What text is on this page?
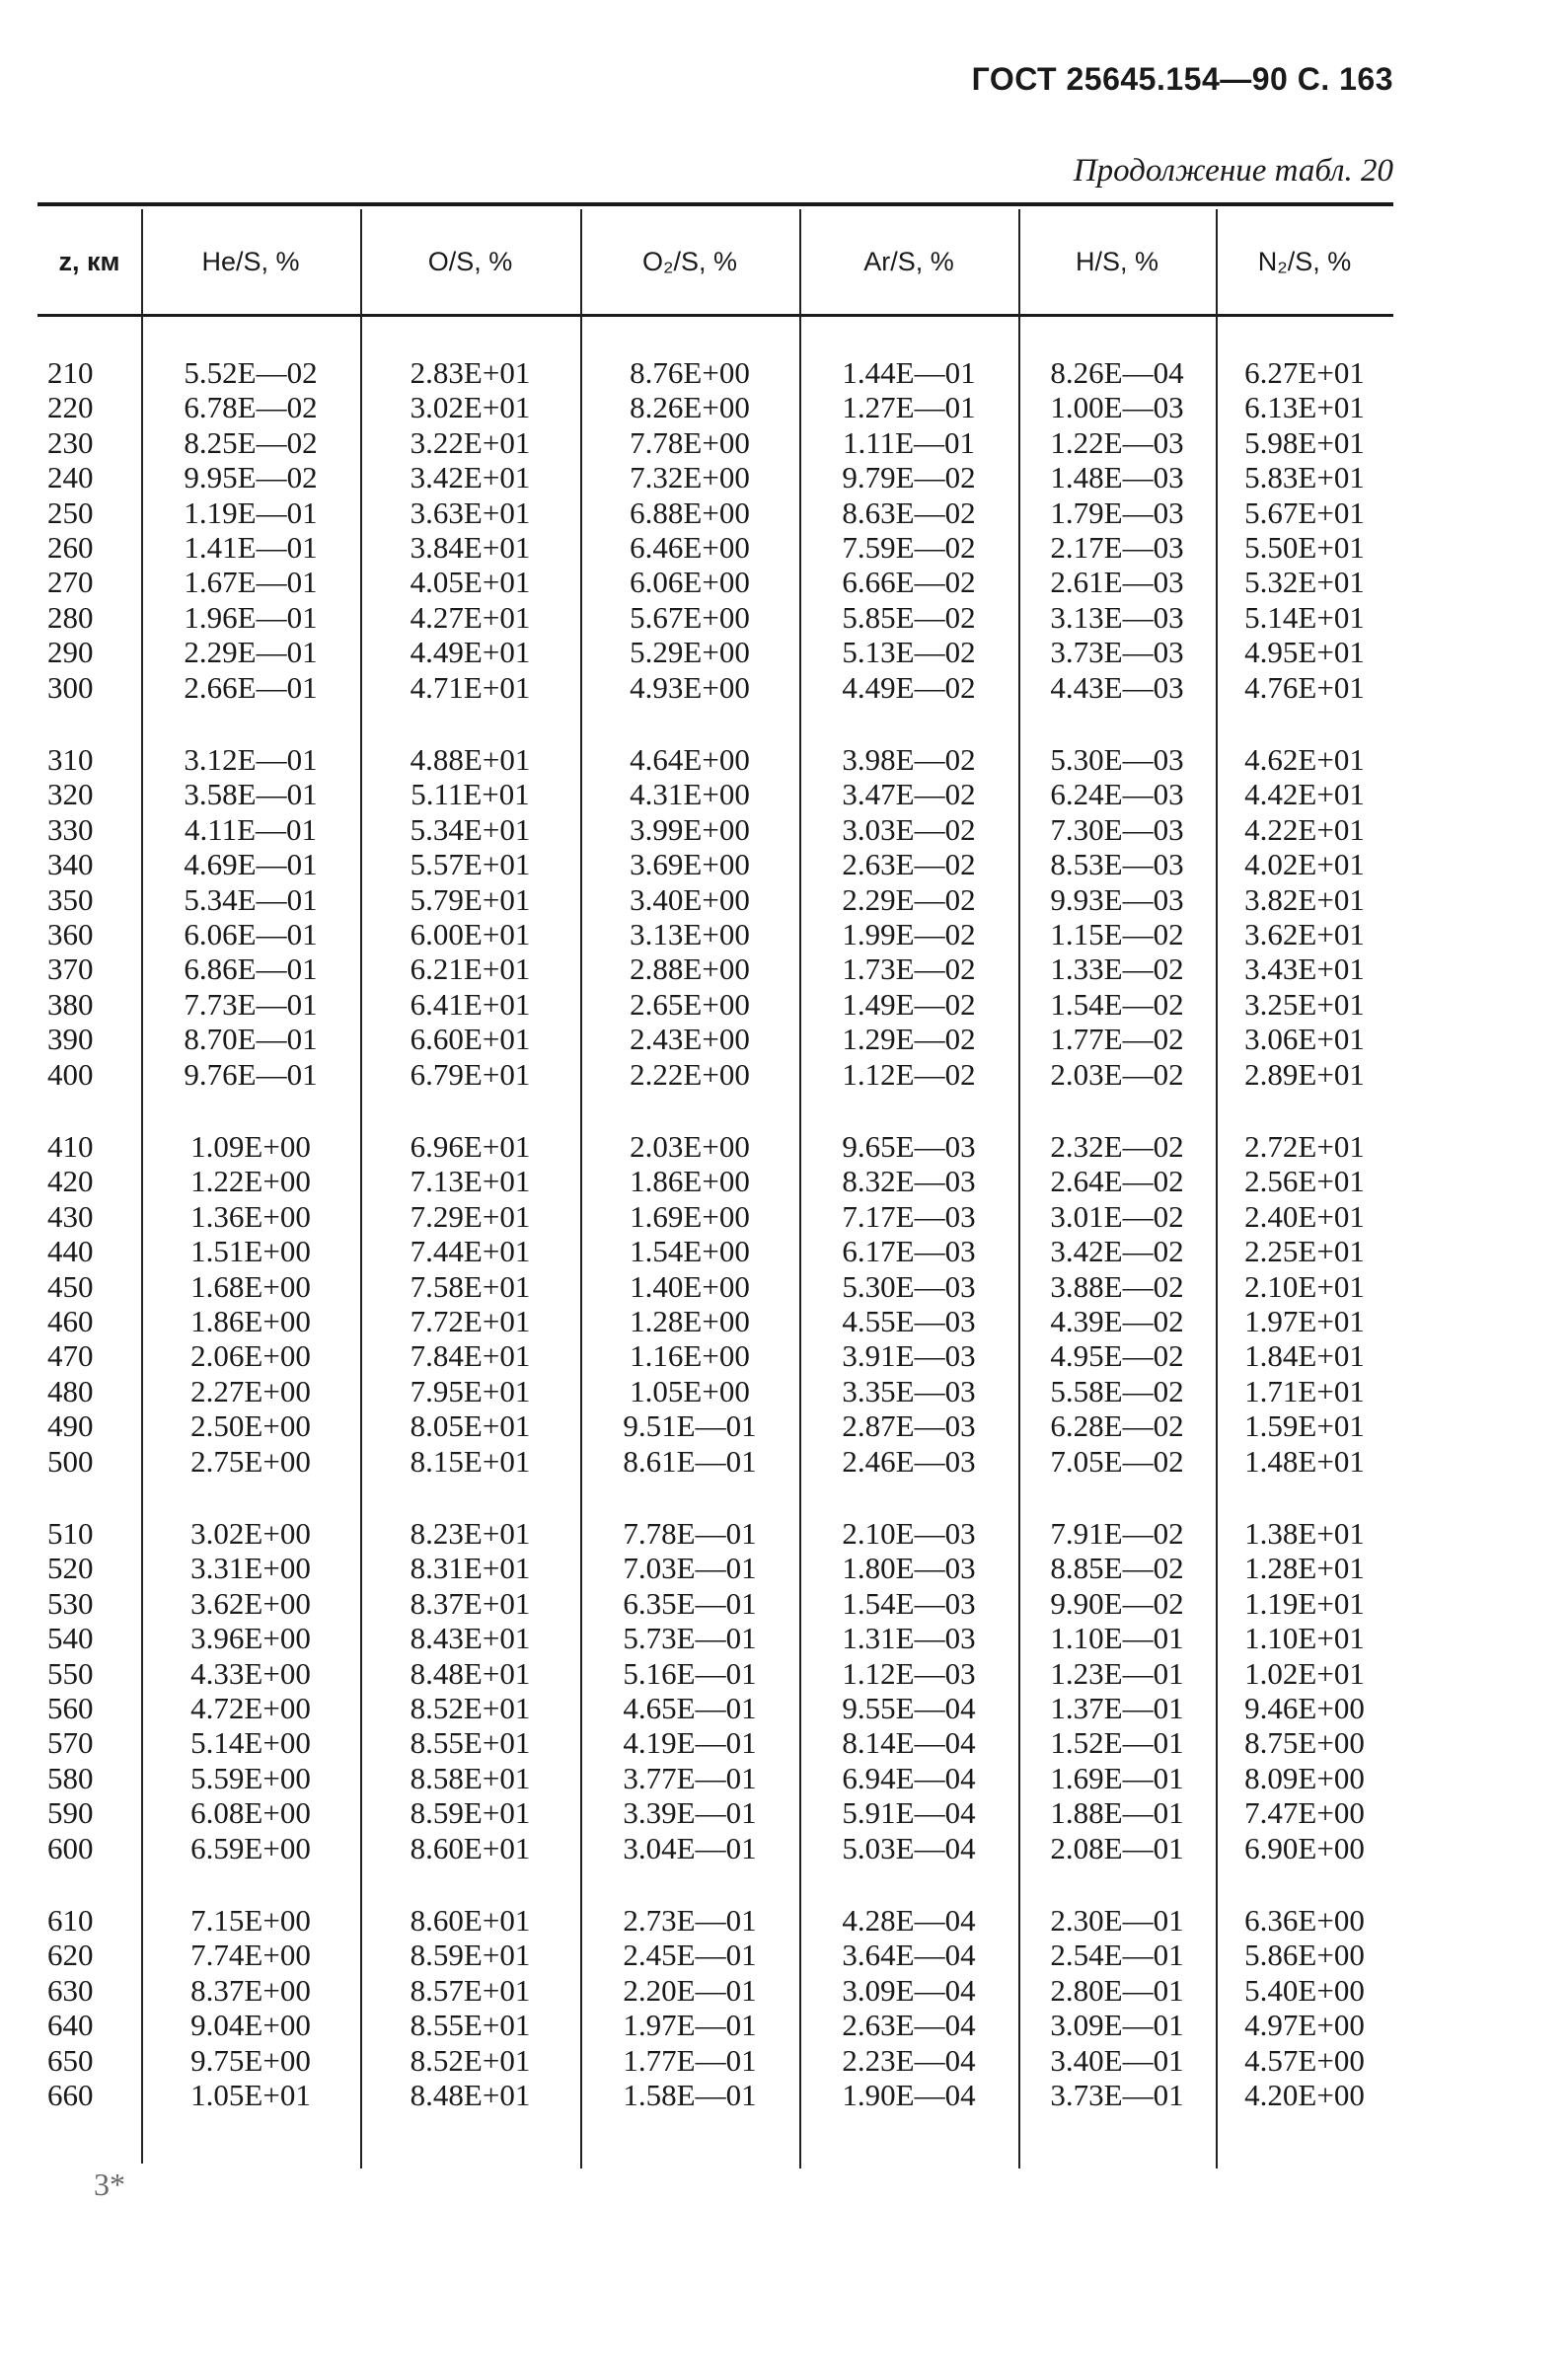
ГОСТ 25645.154—90 С. 163
Продолжение табл. 20
z, км	He/S, %	O/S, %	O₂/S, %	Ar/S, %	H/S, %	N₂/S, %
210	5.52E—02	2.83E+01	8.76E+00	1.44E—01	8.26E—04	6.27E+01
220	6.78E—02	3.02E+01	8.26E+00	1.27E—01	1.00E—03	6.13E+01
230	8.25E—02	3.22E+01	7.78E+00	1.11E—01	1.22E—03	5.98E+01
240	9.95E—02	3.42E+01	7.32E+00	9.79E—02	1.48E—03	5.83E+01
250	1.19E—01	3.63E+01	6.88E+00	8.63E—02	1.79E—03	5.67E+01
260	1.41E—01	3.84E+01	6.46E+00	7.59E—02	2.17E—03	5.50E+01
270	1.67E—01	4.05E+01	6.06E+00	6.66E—02	2.61E—03	5.32E+01
280	1.96E—01	4.27E+01	5.67E+00	5.85E—02	3.13E—03	5.14E+01
290	2.29E—01	4.49E+01	5.29E+00	5.13E—02	3.73E—03	4.95E+01
300	2.66E—01	4.71E+01	4.93E+00	4.49E—02	4.43E—03	4.76E+01
310	3.12E—01	4.88E+01	4.64E+00	3.98E—02	5.30E—03	4.62E+01
320	3.58E—01	5.11E+01	4.31E+00	3.47E—02	6.24E—03	4.42E+01
330	4.11E—01	5.34E+01	3.99E+00	3.03E—02	7.30E—03	4.22E+01
340	4.69E—01	5.57E+01	3.69E+00	2.63E—02	8.53E—03	4.02E+01
350	5.34E—01	5.79E+01	3.40E+00	2.29E—02	9.93E—03	3.82E+01
360	6.06E—01	6.00E+01	3.13E+00	1.99E—02	1.15E—02	3.62E+01
370	6.86E—01	6.21E+01	2.88E+00	1.73E—02	1.33E—02	3.43E+01
380	7.73E—01	6.41E+01	2.65E+00	1.49E—02	1.54E—02	3.25E+01
390	8.70E—01	6.60E+01	2.43E+00	1.29E—02	1.77E—02	3.06E+01
400	9.76E—01	6.79E+01	2.22E+00	1.12E—02	2.03E—02	2.89E+01
410	1.09E+00	6.96E+01	2.03E+00	9.65E—03	2.32E—02	2.72E+01
420	1.22E+00	7.13E+01	1.86E+00	8.32E—03	2.64E—02	2.56E+01
430	1.36E+00	7.29E+01	1.69E+00	7.17E—03	3.01E—02	2.40E+01
440	1.51E+00	7.44E+01	1.54E+00	6.17E—03	3.42E—02	2.25E+01
450	1.68E+00	7.58E+01	1.40E+00	5.30E—03	3.88E—02	2.10E+01
460	1.86E+00	7.72E+01	1.28E+00	4.55E—03	4.39E—02	1.97E+01
470	2.06E+00	7.84E+01	1.16E+00	3.91E—03	4.95E—02	1.84E+01
480	2.27E+00	7.95E+01	1.05E+00	3.35E—03	5.58E—02	1.71E+01
490	2.50E+00	8.05E+01	9.51E—01	2.87E—03	6.28E—02	1.59E+01
500	2.75E+00	8.15E+01	8.61E—01	2.46E—03	7.05E—02	1.48E+01
510	3.02E+00	8.23E+01	7.78E—01	2.10E—03	7.91E—02	1.38E+01
520	3.31E+00	8.31E+01	7.03E—01	1.80E—03	8.85E—02	1.28E+01
530	3.62E+00	8.37E+01	6.35E—01	1.54E—03	9.90E—02	1.19E+01
540	3.96E+00	8.43E+01	5.73E—01	1.31E—03	1.10E—01	1.10E+01
550	4.33E+00	8.48E+01	5.16E—01	1.12E—03	1.23E—01	1.02E+01
560	4.72E+00	8.52E+01	4.65E—01	9.55E—04	1.37E—01	9.46E+00
570	5.14E+00	8.55E+01	4.19E—01	8.14E—04	1.52E—01	8.75E+00
580	5.59E+00	8.58E+01	3.77E—01	6.94E—04	1.69E—01	8.09E+00
590	6.08E+00	8.59E+01	3.39E—01	5.91E—04	1.88E—01	7.47E+00
600	6.59E+00	8.60E+01	3.04E—01	5.03E—04	2.08E—01	6.90E+00
610	7.15E+00	8.60E+01	2.73E—01	4.28E—04	2.30E—01	6.36E+00
620	7.74E+00	8.59E+01	2.45E—01	3.64E—04	2.54E—01	5.86E+00
630	8.37E+00	8.57E+01	2.20E—01	3.09E—04	2.80E—01	5.40E+00
640	9.04E+00	8.55E+01	1.97E—01	2.63E—04	3.09E—01	4.97E+00
650	9.75E+00	8.52E+01	1.77E—01	2.23E—04	3.40E—01	4.57E+00
660	1.05E+01	8.48E+01	1.58E—01	1.90E—04	3.73E—01	4.20E+00
3*
